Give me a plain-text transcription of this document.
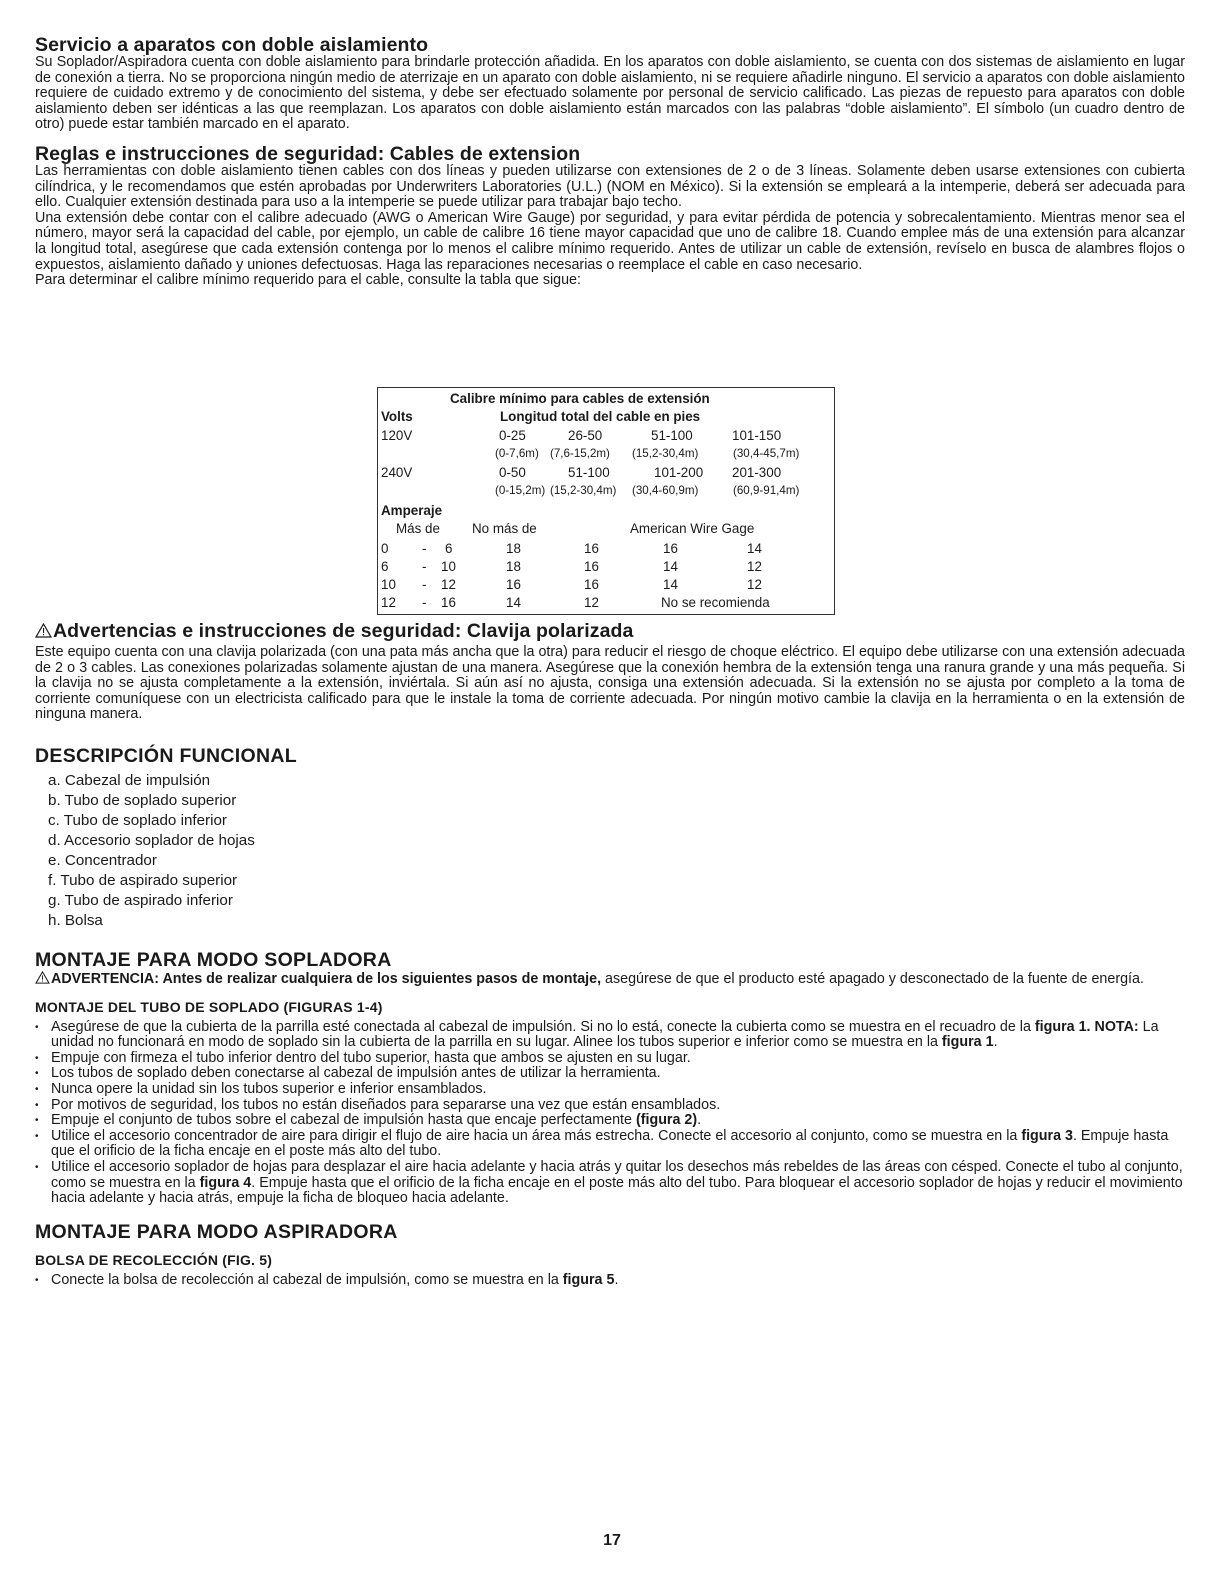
Servicio a aparatos con doble aislamiento

Su Soplador/Aspiradora cuenta con doble aislamiento para brindarle protección añadida. En los aparatos con doble aislamiento, se cuenta con dos sistemas de aislamiento en lugar de conexión a tierra. No se proporciona ningún medio de aterrizaje en un aparato con doble aislamiento, ni se requiere añadirle ninguno. El servicio a aparatos con doble aislamiento requiere de cuidado extremo y de conocimiento del sistema, y debe ser efectuado solamente por personal de servicio calificado. Las piezas de repuesto para aparatos con doble aislamiento deben ser idénticas a las que reemplazan. Los aparatos con doble aislamiento están marcados con las palabras “doble aislamiento”. El símbolo (un cuadro dentro de otro) puede estar también marcado en el aparato.

Reglas e instrucciones de seguridad: Cables de extension

Las herramientas con doble aislamiento tienen cables con dos líneas y pueden utilizarse con extensiones de 2 o de 3 líneas. Solamente deben usarse extensiones con cubierta cilíndrica, y le recomendamos que estén aprobadas por Underwriters Laboratories (U.L.) (NOM en México). Si la extensión se empleará a la intemperie, deberá ser adecuada para ello. Cualquier extensión destinada para uso a la intemperie se puede utilizar para trabajar bajo techo.

Una extensión debe contar con el calibre adecuado (AWG o American Wire Gauge) por seguridad, y para evitar pérdida de potencia y sobrecalentamiento. Mientras menor sea el número, mayor será la capacidad del cable, por ejemplo, un cable de calibre 16 tiene mayor capacidad que uno de calibre 18. Cuando emplee más de una extensión para alcanzar la longitud total, asegúrese que cada extensión contenga por lo menos el calibre mínimo requerido. Antes de utilizar un cable de extensión, revíselo en busca de alambres flojos o expuestos, aislamiento dañado y uniones defectuosas. Haga las reparaciones necesarias o reemplace el cable en caso necesario.

Para determinar el calibre mínimo requerido para el cable, consulte la tabla que sigue:

Calibre mínimo para cables de extensión
Volts	Longitud total del cable en pies
120V	0-25	26-50	51-100	101-150
(0-7,6m) (7,6-15,2m) (15,2-30,4m)	(30,4-45,7m)
240V	0-50	51-100	101-200 201-300
(0-15,2m) (15,2-30,4m) (30,4-60,9m)	(60,9-91,4m)
Amperaje
Más de No más de	American Wire Gage
0	- 6	18	16	16	14
6	- 10	18	16	14	12
10 - 12	16	16	14	12
12 - 16	14	12	No se recomienda
Advertencias e instrucciones de seguridad: Clavija polarizada

Este equipo cuenta con una clavija polarizada (con una pata más ancha que la otra) para reducir el riesgo de choque eléctrico. El equipo debe utilizarse con una extensión adecuada de 2 o 3 cables. Las conexiones polarizadas solamente ajustan de una manera. Asegúrese que la conexión hembra de la extensión tenga una ranura grande y una más pequeña. Si la clavija no se ajusta completamente a la extensión, inviértala. Si aún así no ajusta, consiga una extensión adecuada. Si la extensión no se ajusta por completo a la toma de corriente comuníquese con un electricista calificado para que le instale la toma de corriente adecuada. Por ningún motivo cambie la clavija en la herramienta o en la extensión de ninguna manera.

DESCRIPCIÓN FUNCIONAL
a. Cabezal de impulsión
b. Tubo de soplado superior
c. Tubo de soplado inferior
d. Accesorio soplador de hojas
e. Concentrador
f. Tubo de aspirado superior
g. Tubo de aspirado inferior
h. Bolsa
MONTAJE PARA MODO SOPLADORA

ADVERTENCIA: Antes de realizar cualquiera de los siguientes pasos de montaje, asegúrese de que el producto esté apagado y desconectado de la fuente de energía.

MONTAJE DEL TUBO DE SOPLADO (FIGURAS 1-4)
• Asegúrese de que la cubierta de la parrilla esté conectada al cabezal de impulsión. Si no lo está, conecte la cubierta como se muestra en el recuadro de la figura 1. NOTA: La unidad no funcionará en modo de soplado sin la cubierta de la parrilla en su lugar. Alinee los tubos superior e inferior como se muestra en la figura 1.
• Empuje con firmeza el tubo inferior dentro del tubo superior, hasta que ambos se ajusten en su lugar.
• Los tubos de soplado deben conectarse al cabezal de impulsión antes de utilizar la herramienta.
• Nunca opere la unidad sin los tubos superior e inferior ensamblados.
• Por motivos de seguridad, los tubos no están diseñados para separarse una vez que están ensamblados.
• Empuje el conjunto de tubos sobre el cabezal de impulsión hasta que encaje perfectamente (figura 2).
• Utilice el accesorio concentrador de aire para dirigir el flujo de aire hacia un área más estrecha. Conecte el accesorio al conjunto, como se muestra en la figura 3. Empuje hasta que el orificio de la ficha encaje en el poste más alto del tubo.
• Utilice el accesorio soplador de hojas para desplazar el aire hacia adelante y hacia atrás y quitar los desechos más rebeldes de las áreas con césped. Conecte el tubo al conjunto, como se muestra en la figura 4. Empuje hasta que el orificio de la ficha encaje en el poste más alto del tubo. Para bloquear el accesorio soplador de hojas y reducir el movimiento hacia adelante y hacia atrás, empuje la ficha de bloqueo hacia adelante.
MONTAJE PARA MODO ASPIRADORA
BOLSA DE RECOLECCIÓN (FIG. 5)
• Conecte la bolsa de recolección al cabezal de impulsión, como se muestra en la figura 5.
17
